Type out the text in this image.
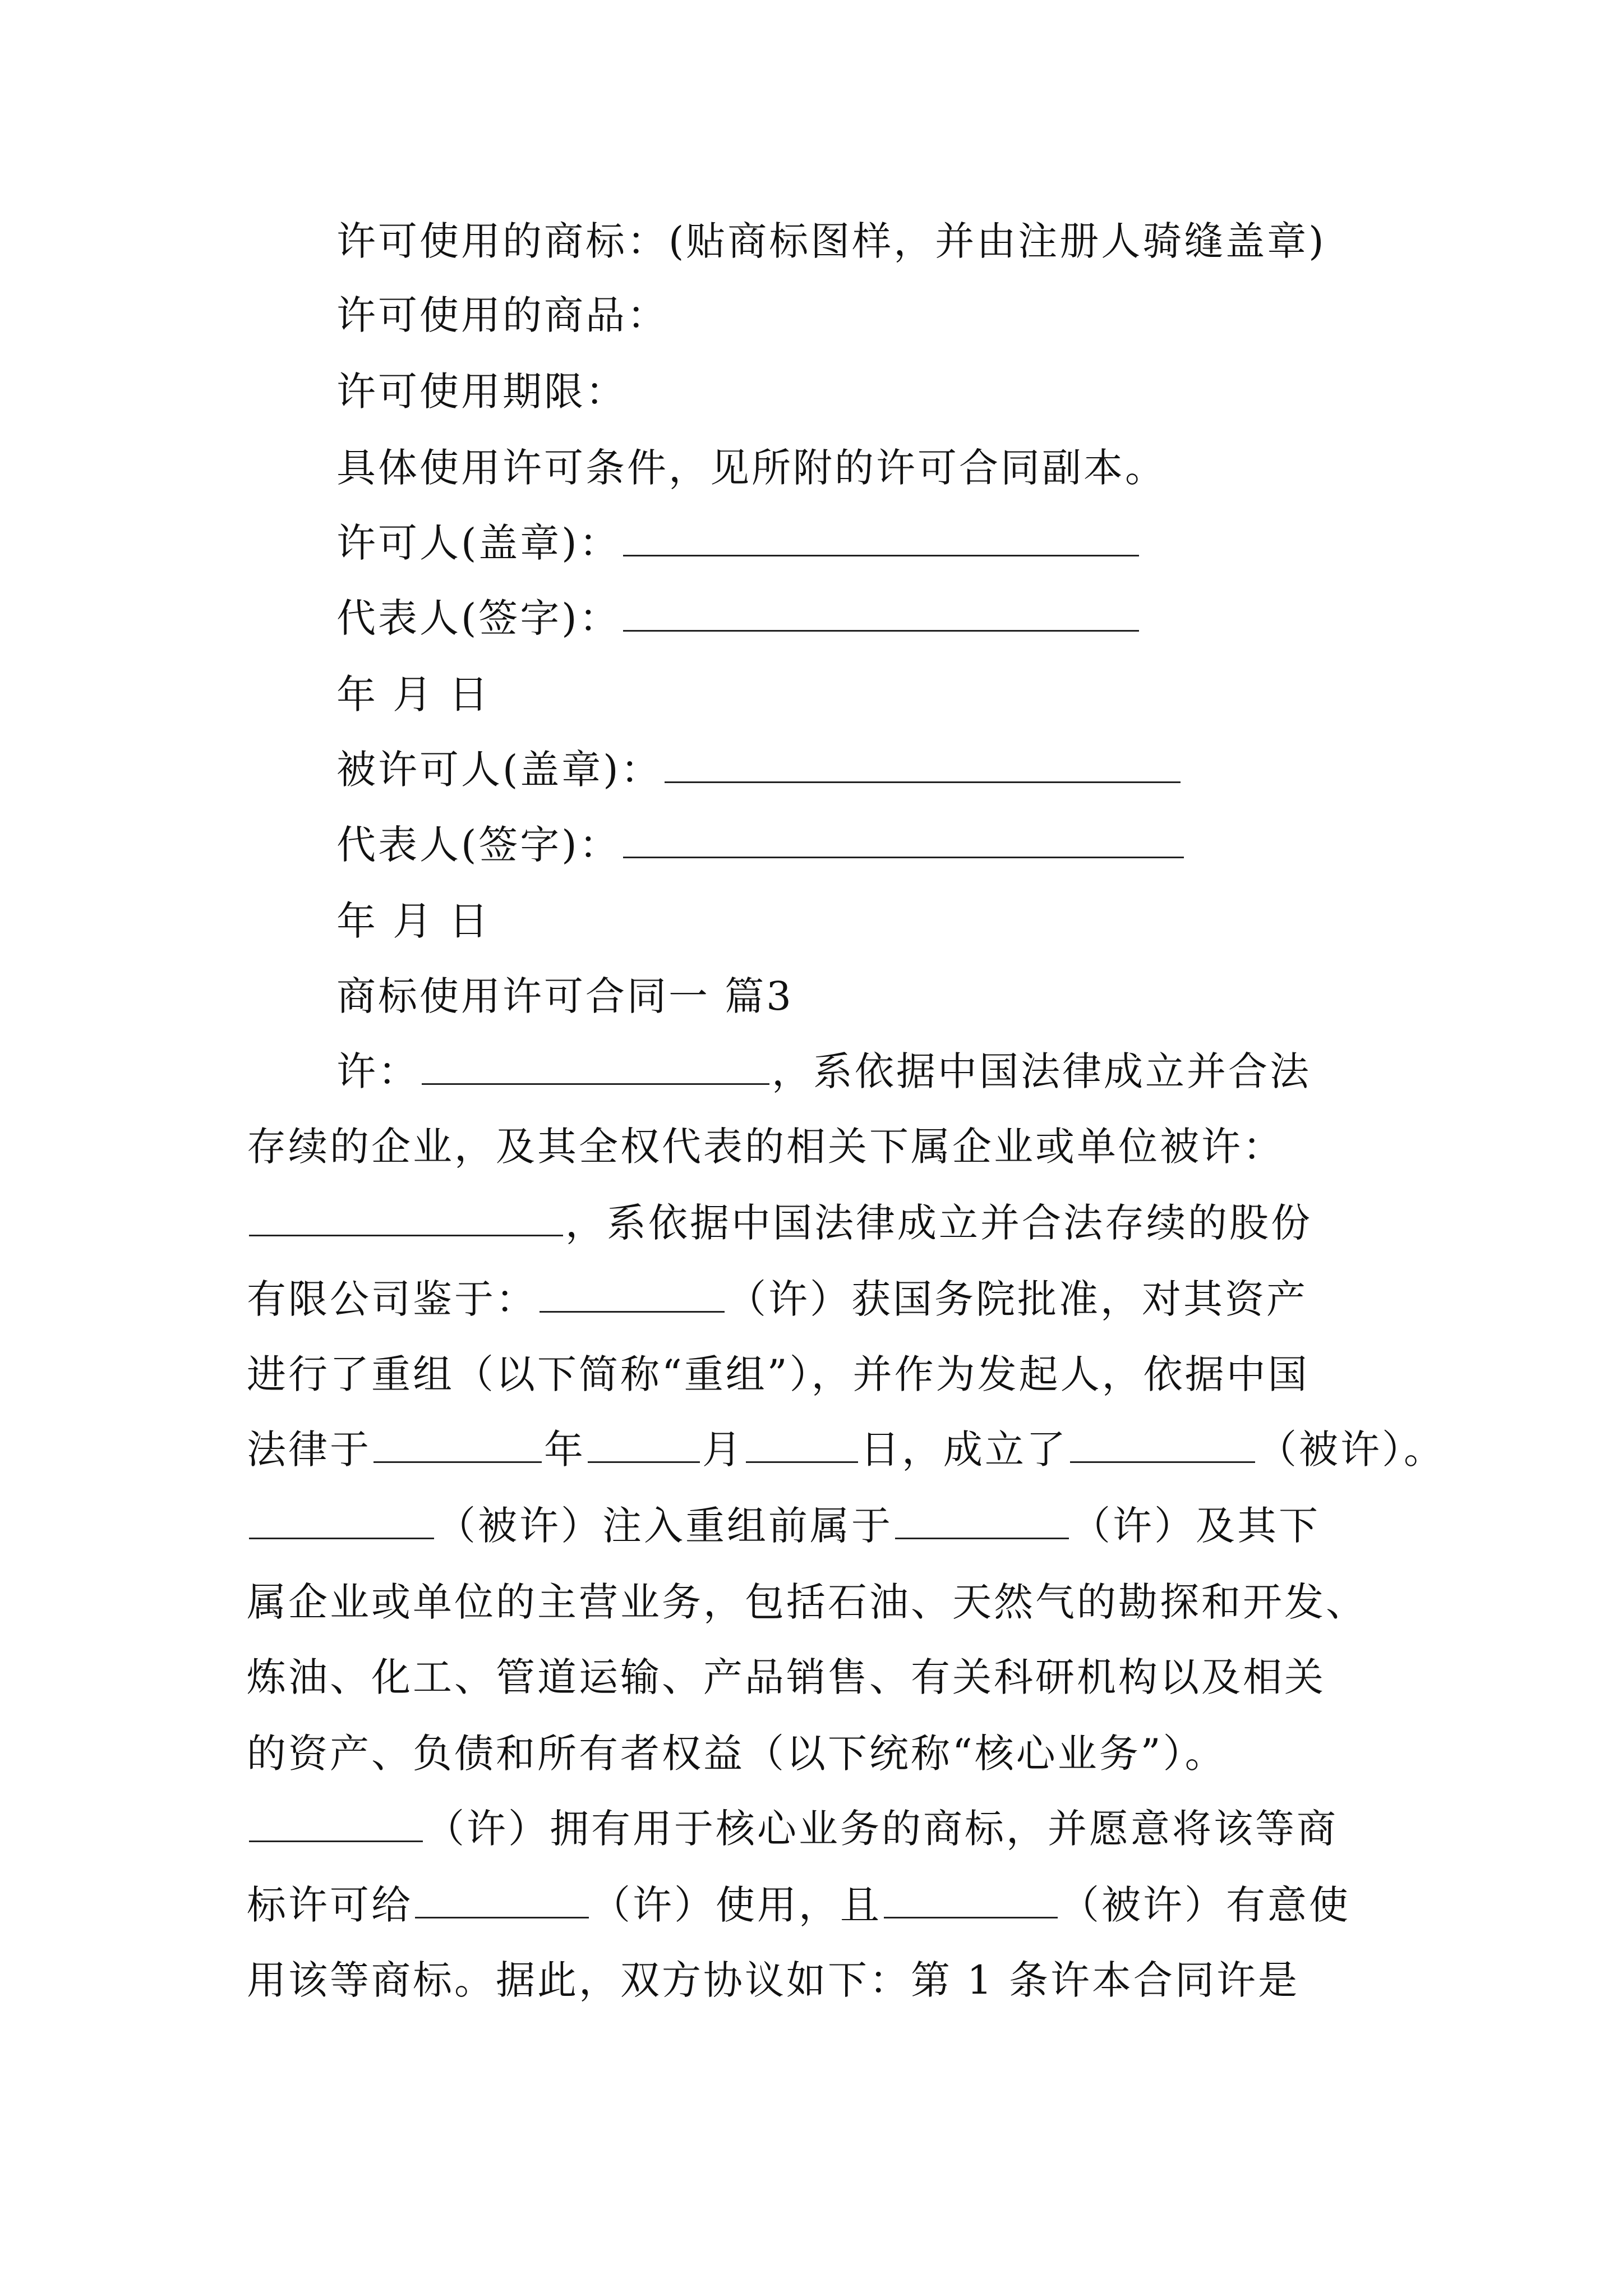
许可使用的商标：(贴商标图样，并由注册人骑缝盖章)
许可使用的商品：
许可使用期限：
具体使用许可条件，见所附的许可合同副本。
许可人(盖章)：
代表人(签字)：
年 月 日
被许可人(盖章)：
代表人(签字)：
年 月 日
商标使用许可合同一 篇3
许：	，系依据中国法律成立并合法
存续的企业，及其全权代表的相关下属企业或单位被许：
，系依据中国法律成立并合法存续的股份
有限公司鉴于：	（许）获国务院批准，对其资产
进行了重组（以下简称“重组”），并作为发起人，依据中国
法律于	年	月	日，成立了	（被许）。
（被许）注入重组前属于	（许）及其下
属企业或单位的主营业务，包括石油、天然气的勘探和开发、
炼油、化工、管道运输、产品销售、有关科研机构以及相关
的资产、负债和所有者权益（以下统称“核心业务”）。
（许）拥有用于核心业务的商标，并愿意将该等商
标许可给	（许）使用，且	（被许）有意使
用该等商标。据此，双方协议如下：第 1 条许本合同许是
